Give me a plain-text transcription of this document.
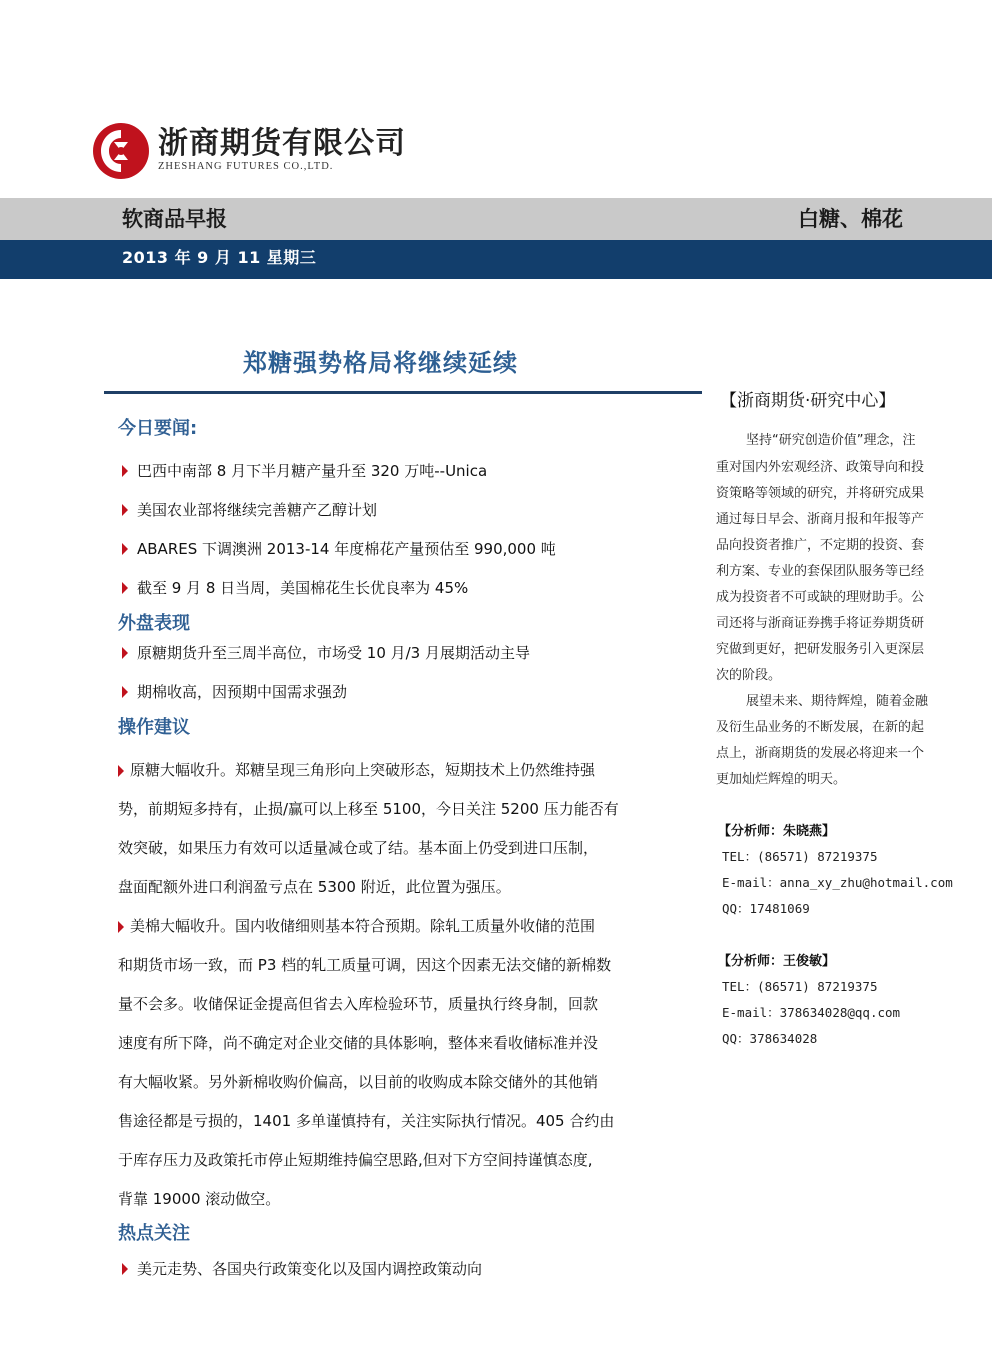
浙商期货有限公司
ZHESHANG FUTURES CO.,LTD.
软商品早报	白糖、棉花
2013 年 9 月 11 星期三
郑糖强势格局将继续延续
今日要闻:
巴西中南部 8 月下半月糖产量升至 320 万吨--Unica
美国农业部将继续完善糖产乙醇计划
ABARES 下调澳洲 2013-14 年度棉花产量预估至 990,000 吨
截至 9 月 8 日当周，美国棉花生长优良率为 45%
外盘表现
原糖期货升至三周半高位，市场受 10 月/3 月展期活动主导
期棉收高，因预期中国需求强劲
操作建议
原糖大幅收升。郑糖呈现三角形向上突破形态，短期技术上仍然维持强
势，前期短多持有，止损/赢可以上移至 5100，今日关注 5200 压力能否有
效突破，如果压力有效可以适量减仓或了结。基本面上仍受到进口压制，
盘面配额外进口利润盈亏点在 5300 附近，此位置为强压。
美棉大幅收升。国内收储细则基本符合预期。除轧工质量外收储的范围
和期货市场一致，而 P3 档的轧工质量可调，因这个因素无法交储的新棉数
量不会多。收储保证金提高但省去入库检验环节，质量执行终身制，回款
速度有所下降，尚不确定对企业交储的具体影响，整体来看收储标准并没
有大幅收紧。另外新棉收购价偏高，以目前的收购成本除交储外的其他销
售途径都是亏损的，1401 多单谨慎持有，关注实际执行情况。405 合约由
于库存压力及政策托市停止短期维持偏空思路,但对下方空间持谨慎态度,
背靠 19000 滚动做空。
热点关注
美元走势、各国央行政策变化以及国内调控政策动向
【浙商期货·研究中心】
坚持“研究创造价值”理念，注
重对国内外宏观经济、政策导向和投
资策略等领域的研究，并将研究成果
通过每日早会、浙商月报和年报等产
品向投资者推广，不定期的投资、套
利方案、专业的套保团队服务等已经
成为投资者不可或缺的理财助手。公
司还将与浙商证券携手将证券期货研
究做到更好，把研发服务引入更深层
次的阶段。
展望未来、期待辉煌，随着金融
及衍生品业务的不断发展，在新的起
点上，浙商期货的发展必将迎来一个
更加灿烂辉煌的明天。
【分析师：朱晓燕】
TEL：(86571) 87219375
E-mail：anna_xy_zhu@hotmail.com
QQ：17481069
【分析师：王俊敏】
TEL：(86571) 87219375
E-mail：378634028@qq.com
QQ：378634028
